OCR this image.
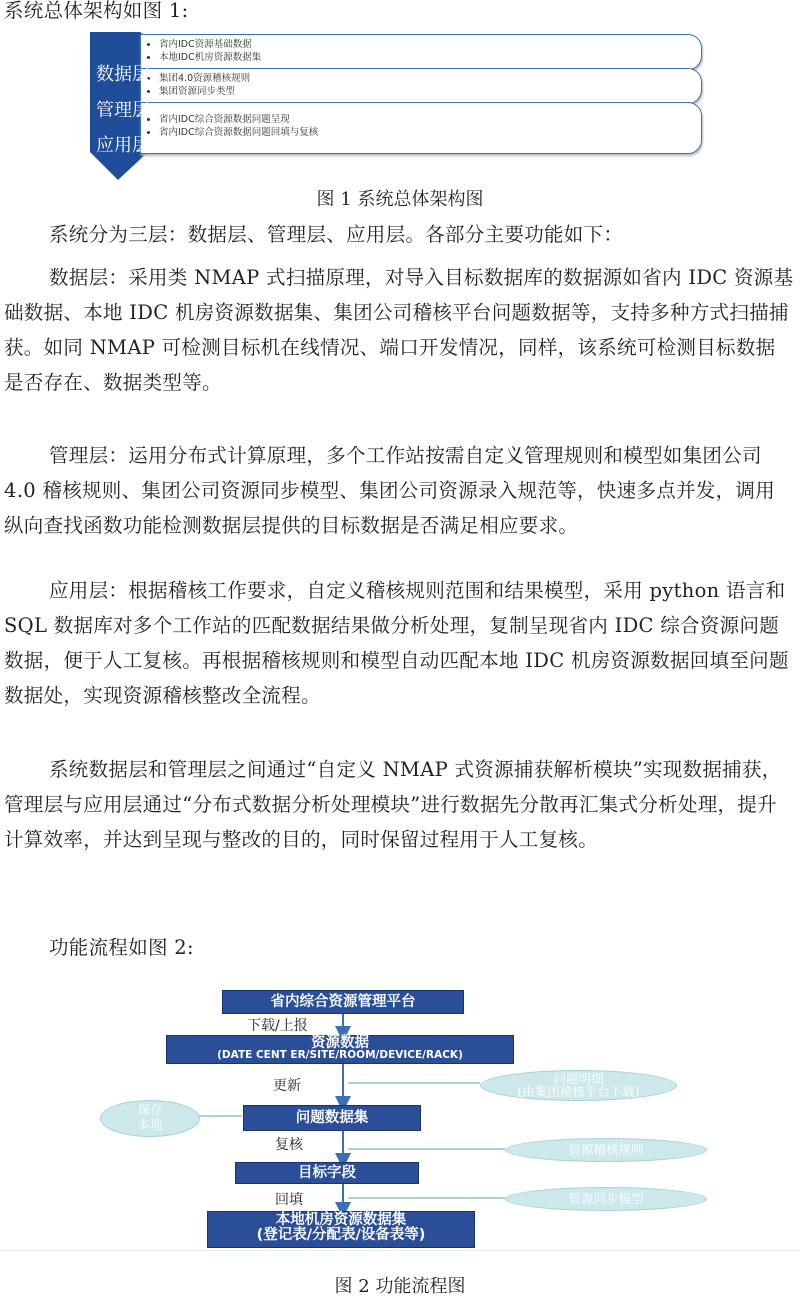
系统总体架构如图 1:

• 省内IDC资源基础数据
• 本地IDC机房资源数据集
• 集团4.0资源稽核规则
• 集团资源同步类型
• 省内IDC综合资源数据问题呈现
• 省内IDC综合资源数据问题回填与复核
数据层
管理层
应用层
图 1 系统总体架构图

系统分为三层：数据层、管理层、应用层。各部分主要功能如下：

数据层：采用类 NMAP 式扫描原理，对导入目标数据库的数据源如省内 IDC 资源基础数据、本地 IDC 机房资源数据集、集团公司稽核平台问题数据等，支持多种方式扫描捕获。如同 NMAP 可检测目标机在线情况、端口开发情况，同样，该系统可检测目标数据是否存在、数据类型等。

管理层：运用分布式计算原理，多个工作站按需自定义管理规则和模型如集团公司 4.0 稽核规则、集团公司资源同步模型、集团公司资源录入规范等，快速多点并发，调用纵向查找函数功能检测数据层提供的目标数据是否满足相应要求。

应用层：根据稽核工作要求，自定义稽核规则范围和结果模型，采用 python 语言和 SQL 数据库对多个工作站的匹配数据结果做分析处理，复制呈现省内 IDC 综合资源问题数据，便于人工复核。再根据稽核规则和模型自动匹配本地 IDC 机房资源数据回填至问题数据处，实现资源稽核整改全流程。

系统数据层和管理层之间通过“自定义 NMAP 式资源捕获解析模块”实现数据捕获，管理层与应用层通过“分布式数据分析处理模块”进行数据先分散再汇集式分析处理，提升计算效率，并达到呈现与整改的目的，同时保留过程用于人工复核。

功能流程如图 2:

省内综合资源管理平台
资源数据
(DATE CENT ER/SITE/ROOM/DEVICE/RACK)
问题数据集
目标字段
本地机房资源数据集
(登记表/分配表/设备表等)
下载/上报
更新
复核
回填
问题明细
(由集团稽核平台下载)
保存
本地
资源稽核规则
资源同步模型
图 2 功能流程图
